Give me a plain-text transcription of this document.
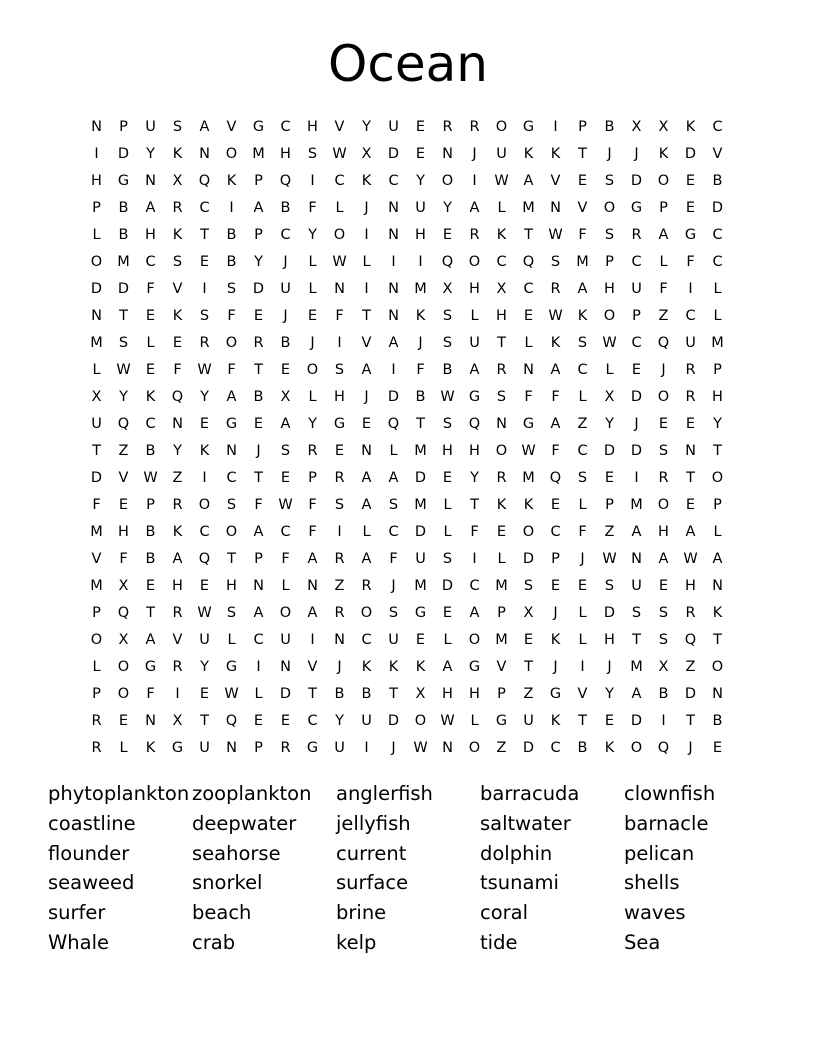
Ocean
N	P	U	S	A	V	G	C	H	V	Y	U	E	R	R	O	G	I	P	B	X	X	K	C
I	D	Y	K	N	O	M	H	S	W	X	D	E	N	J	U	K	K	T	J	J	K	D	V
H	G	N	X	Q	K	P	Q	I	C	K	C	Y	O	I	W	A	V	E	S	D	O	E	B
P	B	A	R	C	I	A	B	F	L	J	N	U	Y	A	L	M	N	V	O	G	P	E	D
L	B	H	K	T	B	P	C	Y	O	I	N	H	E	R	K	T	W	F	S	R	A	G	C
O	M	C	S	E	B	Y	J	L	W	L	I	I	Q	O	C	Q	S	M	P	C	L	F	C
D	D	F	V	I	S	D	U	L	N	I	N	M	X	H	X	C	R	A	H	U	F	I	L
N	T	E	K	S	F	E	J	E	F	T	N	K	S	L	H	E	W	K	O	P	Z	C	L
M	S	L	E	R	O	R	B	J	I	V	A	J	S	U	T	L	K	S	W	C	Q	U	M
L	W	E	F	W	F	T	E	O	S	A	I	F	B	A	R	N	A	C	L	E	J	R	P
X	Y	K	Q	Y	A	B	X	L	H	J	D	B	W G	S	F	F	L	X	D	O	R	H
U	Q	C	N	E	G	E	A	Y	G	E	Q	T	S	Q	N	G	A	Z	Y	J	E	E	Y
T	Z	B	Y	K	N	J	S	R	E	N	L	M	H	H	O W	F	C	D	D	S	N	T
D	V	W	Z	I	C	T	E	P	R	A	A	D	E	Y	R	M	Q	S	E	I	R	T	O
F	E	P	R	O	S	F	W	F	S	A	S	M	L	T	K	K	E	L	P	M	O	E	P
M	H	B	K	C	O	A	C	F	I	L	C	D	L	F	E	O	C	F	Z	A	H	A	L
V	F	B	A	Q	T	P	F	A	R	A	F	U	S	I	L	D	P	J	W N	A	W	A
M	X	E	H	E	H	N	L	N	Z	R	J	M	D	C	M	S	E	E	S	U	E	H	N
P	Q	T	R	W	S	A	O	A	R	O	S	G	E	A	P	X	J	L	D	S	S	R	K
O	X	A	V	U	L	C	U	I	N	C	U	E	L	O	M	E	K	L	H	T	S	Q	T
L	O	G	R	Y	G	I	N	V	J	K	K	K	A	G	V	T	J	I	J	M	X	Z	O
P	O	F	I	E	W	L	D	T	B	B	T	X	H	H	P	Z	G	V	Y	A	B	D	N
R	E	N	X	T	Q	E	E	C	Y	U	D	O W	L	G	U	K	T	E	D	I	T	B
R	L	K	G	U	N	P	R	G	U	I	J	W N	O	Z	D	C	B	K	O	Q	J	E
phytoplankton zooplankton	anglerfish	barracuda	clownfish
coastline	deepwater	jellyfish	saltwater	barnacle
flounder	seahorse	current	dolphin	pelican
seaweed	snorkel	surface	tsunami	shells
surfer	beach	brine	coral	waves
Whale	crab	kelp	tide	Sea
